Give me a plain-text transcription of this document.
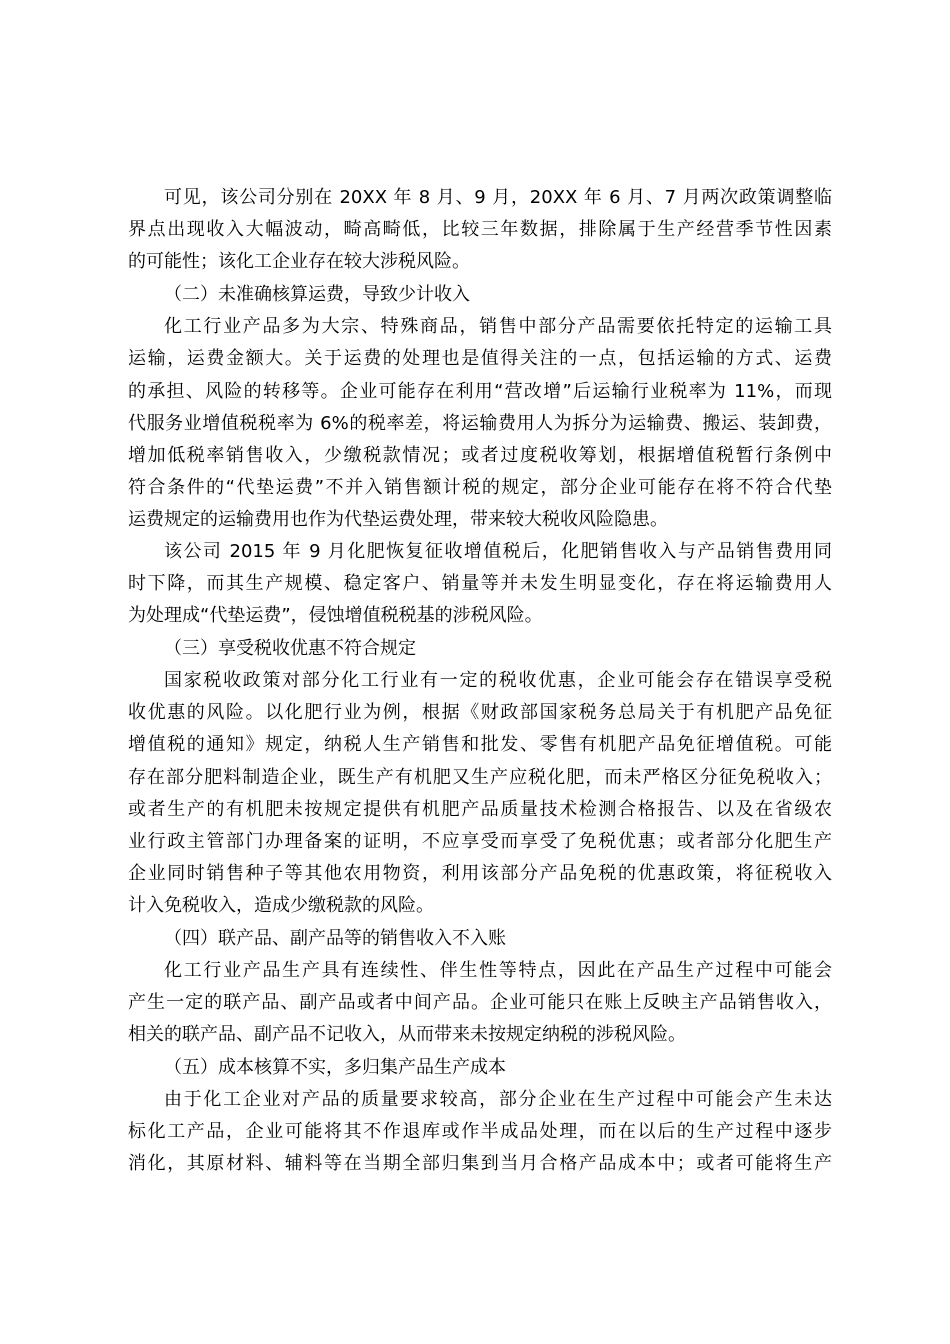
可见，该公司分别在 20XX 年 8 月、9 月，20XX 年 6 月、7 月两次政策调整临
界点出现收入大幅波动，畸高畸低，比较三年数据，排除属于生产经营季节性因素
的可能性；该化工企业存在较大涉税风险。
（二）未准确核算运费，导致少计收入
化工行业产品多为大宗、特殊商品，销售中部分产品需要依托特定的运输工具
运输，运费金额大。关于运费的处理也是值得关注的一点，包括运输的方式、运费
的承担、风险的转移等。企业可能存在利用“营改增”后运输行业税率为 11%，而现
代服务业增值税税率为 6%的税率差，将运输费用人为拆分为运输费、搬运、装卸费，
增加低税率销售收入，少缴税款情况；或者过度税收筹划，根据增值税暂行条例中
符合条件的“代垫运费”不并入销售额计税的规定，部分企业可能存在将不符合代垫
运费规定的运输费用也作为代垫运费处理，带来较大税收风险隐患。
该公司 2015 年 9 月化肥恢复征收增值税后，化肥销售收入与产品销售费用同
时下降，而其生产规模、稳定客户、销量等并未发生明显变化，存在将运输费用人
为处理成“代垫运费”，侵蚀增值税税基的涉税风险。
（三）享受税收优惠不符合规定
国家税收政策对部分化工行业有一定的税收优惠，企业可能会存在错误享受税
收优惠的风险。以化肥行业为例，根据《财政部国家税务总局关于有机肥产品免征
增值税的通知》规定，纳税人生产销售和批发、零售有机肥产品免征增值税。可能
存在部分肥料制造企业，既生产有机肥又生产应税化肥，而未严格区分征免税收入；
或者生产的有机肥未按规定提供有机肥产品质量技术检测合格报告、以及在省级农
业行政主管部门办理备案的证明，不应享受而享受了免税优惠；或者部分化肥生产
企业同时销售种子等其他农用物资，利用该部分产品免税的优惠政策，将征税收入
计入免税收入，造成少缴税款的风险。
（四）联产品、副产品等的销售收入不入账
化工行业产品生产具有连续性、伴生性等特点，因此在产品生产过程中可能会
产生一定的联产品、副产品或者中间产品。企业可能只在账上反映主产品销售收入，
相关的联产品、副产品不记收入，从而带来未按规定纳税的涉税风险。
（五）成本核算不实，多归集产品生产成本
由于化工企业对产品的质量要求较高，部分企业在生产过程中可能会产生未达
标化工产品，企业可能将其不作退库或作半成品处理，而在以后的生产过程中逐步
消化，其原材料、辅料等在当期全部归集到当月合格产品成本中；或者可能将生产
